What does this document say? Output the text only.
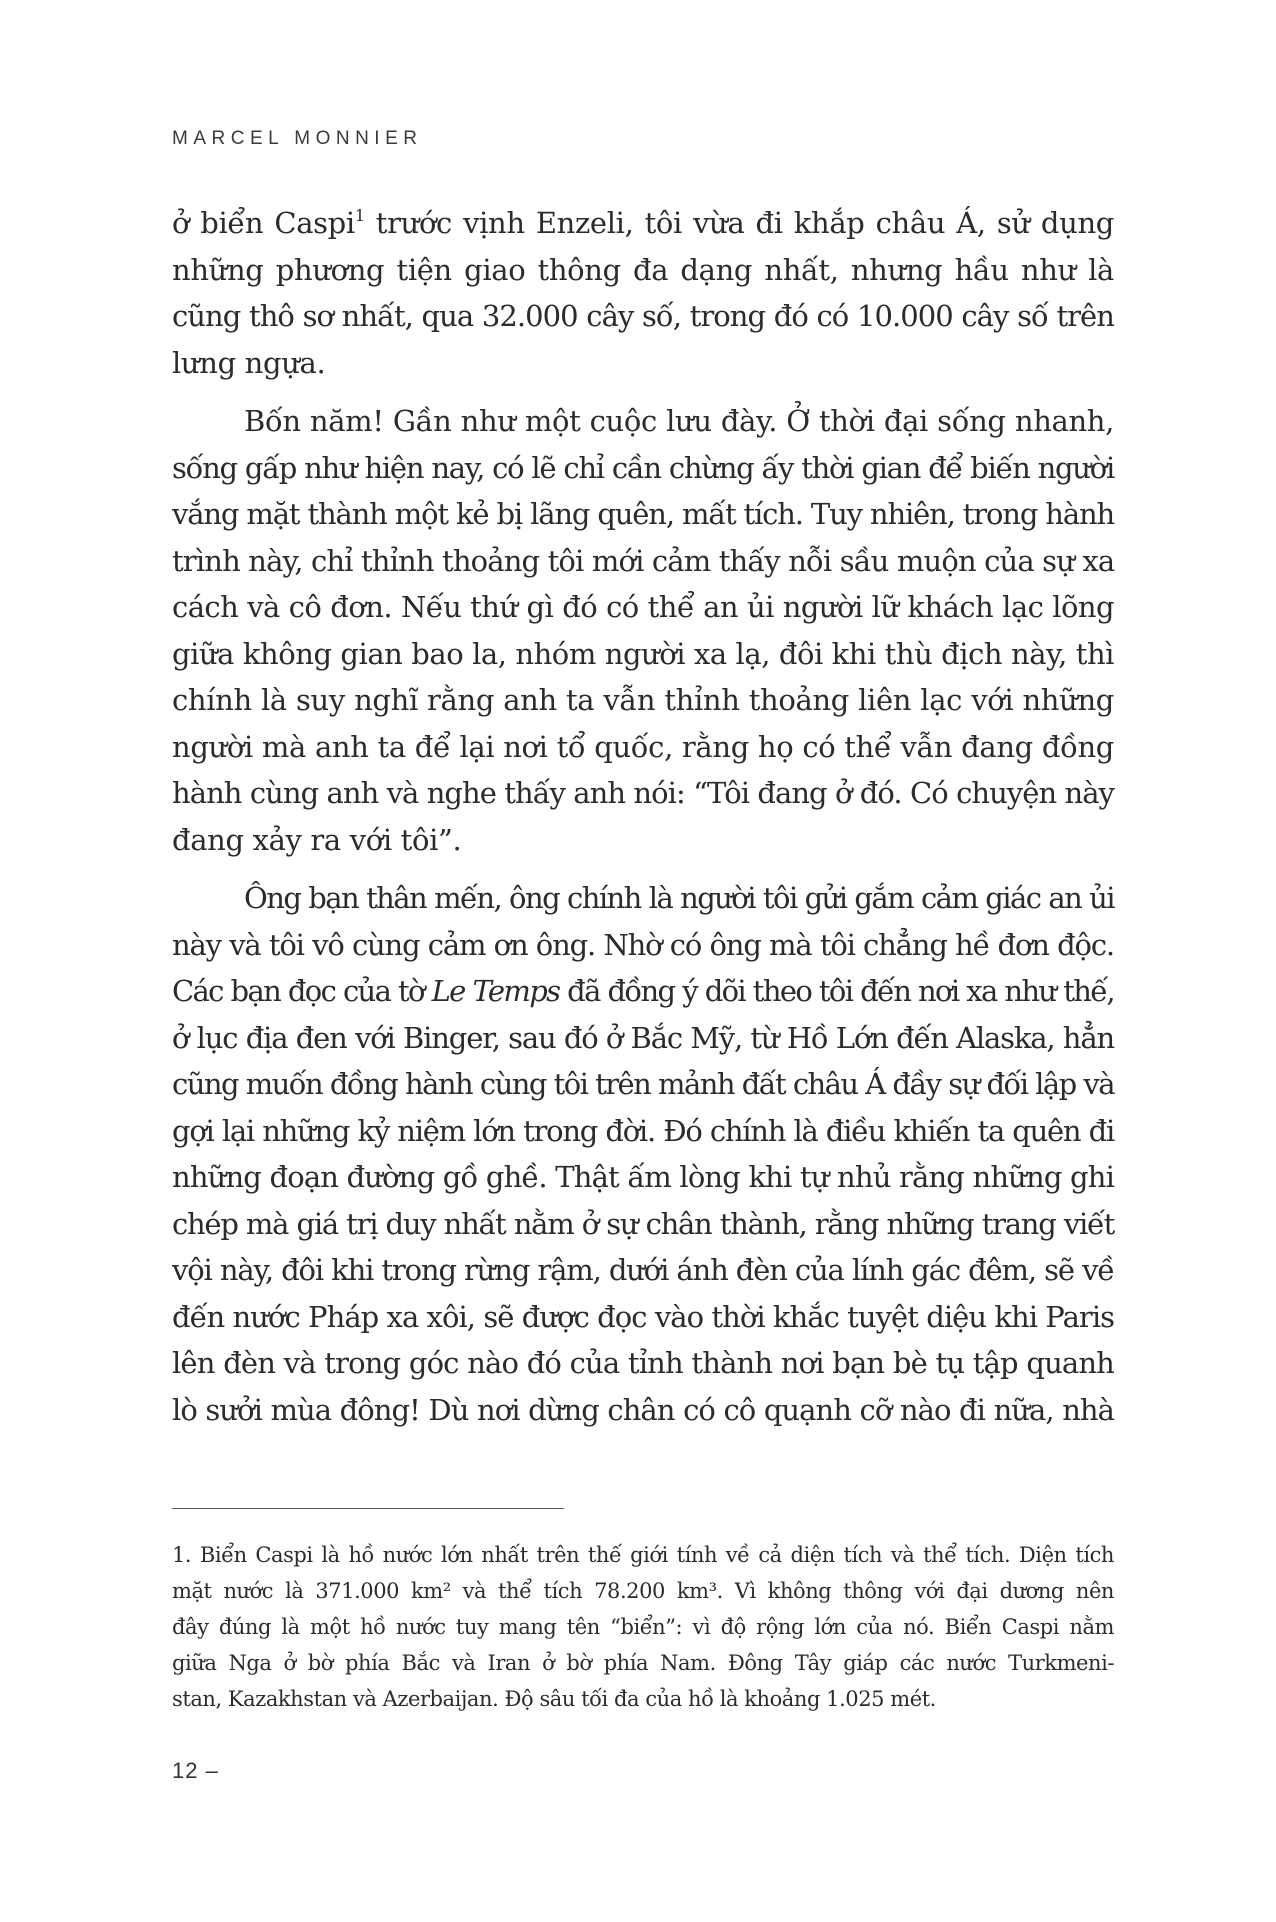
MARCEL MONNIER
ở biển Caspi$^1$ trước vịnh Enzeli, tôi vừa đi khắp châu Á, sử dụng
những phương tiện giao thông đa dạng nhất, nhưng hầu như là
cũng thô sơ nhất, qua 32.000 cây số, trong đó có 10.000 cây số trên
lưng ngựa.
Bốn năm! Gần như một cuộc lưu đày. Ở thời đại sống nhanh,
sống gấp như hiện nay, có lẽ chỉ cần chừng ấy thời gian để biến người
vắng mặt thành một kẻ bị lãng quên, mất tích. Tuy nhiên, trong hành
trình này, chỉ thỉnh thoảng tôi mới cảm thấy nỗi sầu muộn của sự xa
cách và cô đơn. Nếu thứ gì đó có thể an ủi người lữ khách lạc lõng
giữa không gian bao la, nhóm người xa lạ, đôi khi thù địch này, thì
chính là suy nghĩ rằng anh ta vẫn thỉnh thoảng liên lạc với những
người mà anh ta để lại nơi tổ quốc, rằng họ có thể vẫn đang đồng
hành cùng anh và nghe thấy anh nói: “Tôi đang ở đó. Có chuyện này
đang xảy ra với tôi”.
Ông bạn thân mến, ông chính là người tôi gửi gắm cảm giác an ủi
này và tôi vô cùng cảm ơn ông. Nhờ có ông mà tôi chẳng hề đơn độc.
Các bạn đọc của tờ Le Temps đã đồng ý dõi theo tôi đến nơi xa như thế,
ở lục địa đen với Binger, sau đó ở Bắc Mỹ, từ Hồ Lớn đến Alaska, hẳn
cũng muốn đồng hành cùng tôi trên mảnh đất châu Á đầy sự đối lập và
gợi lại những kỷ niệm lớn trong đời. Đó chính là điều khiến ta quên đi
những đoạn đường gồ ghề. Thật ấm lòng khi tự nhủ rằng những ghi
chép mà giá trị duy nhất nằm ở sự chân thành, rằng những trang viết
vội này, đôi khi trong rừng rậm, dưới ánh đèn của lính gác đêm, sẽ về
đến nước Pháp xa xôi, sẽ được đọc vào thời khắc tuyệt diệu khi Paris
lên đèn và trong góc nào đó của tỉnh thành nơi bạn bè tụ tập quanh
lò sưởi mùa đông! Dù nơi dừng chân có cô quạnh cỡ nào đi nữa, nhà
1. Biển Caspi là hồ nước lớn nhất trên thế giới tính về cả diện tích và thể tích. Diện tích
mặt nước là 371.000 km² và thể tích 78.200 km³. Vì không thông với đại dương nên
đây đúng là một hồ nước tuy mang tên “biển”: vì độ rộng lớn của nó. Biển Caspi nằm
giữa Nga ở bờ phía Bắc và Iran ở bờ phía Nam. Đông Tây giáp các nước Turkmeni-
stan, Kazakhstan và Azerbaijan. Độ sâu tối đa của hồ là khoảng 1.025 mét.
12 –
